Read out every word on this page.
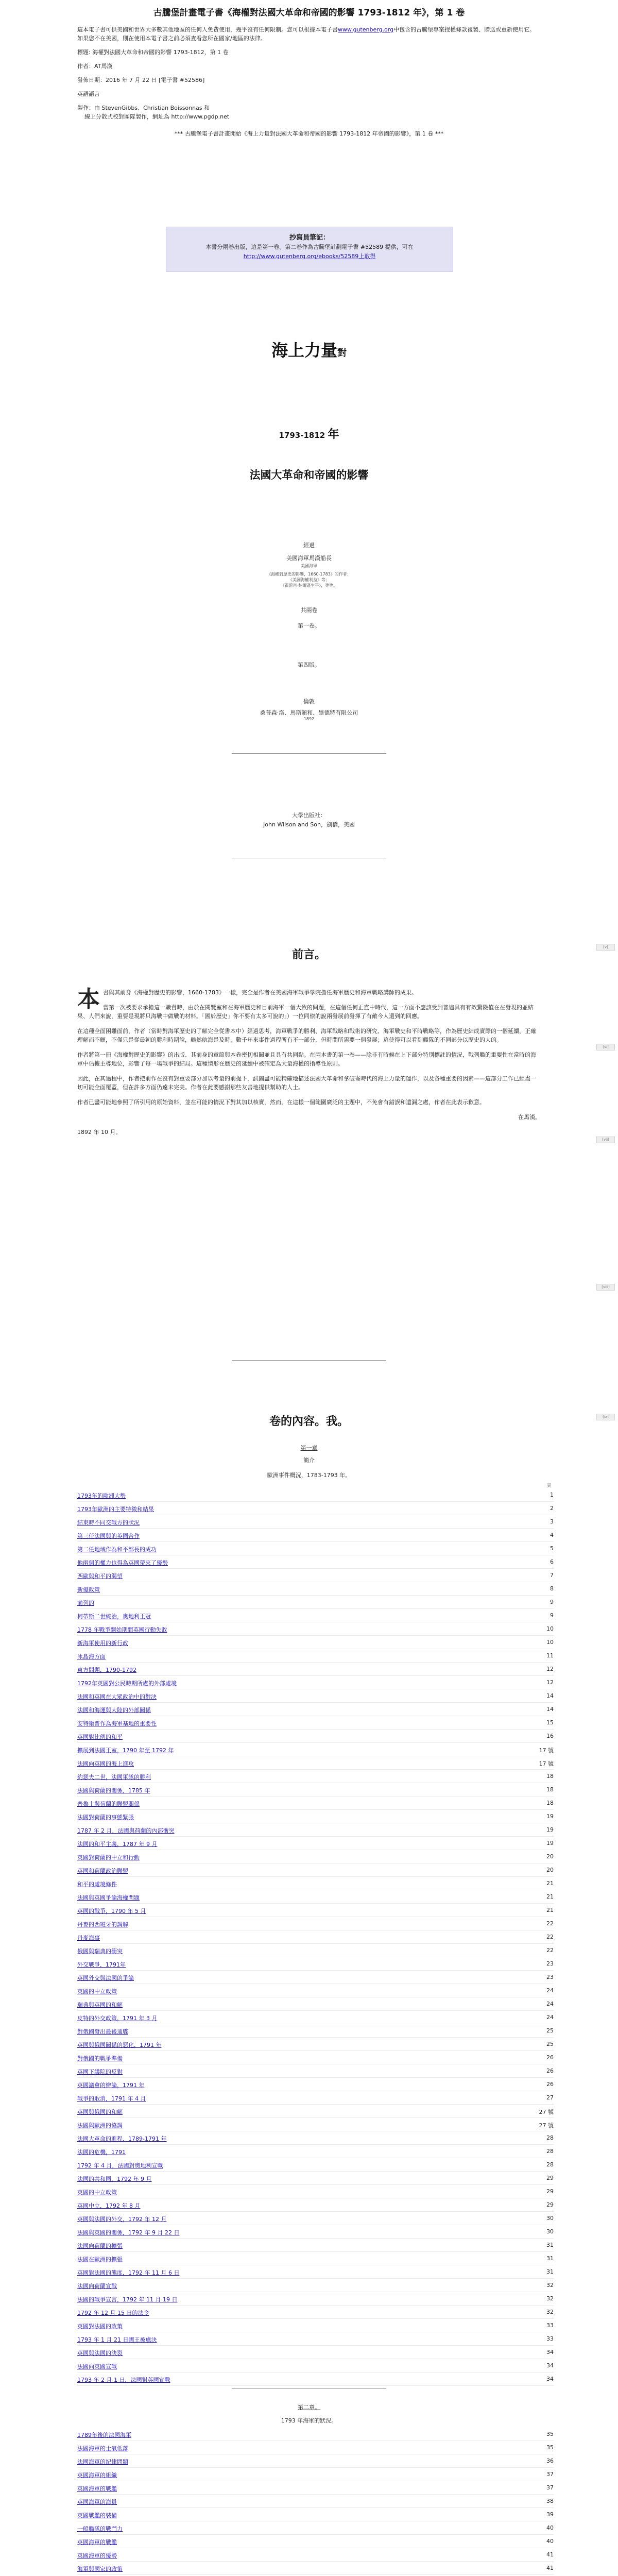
古騰堡計畫電子書《海權對法國大革命和帝國的影響 1793-1812 年》，第 1 卷

這本電子書可供美國和世界大多數其他地區的任何人免費使用，幾乎沒有任何限制。您可以根據本電子書www.gutenberg.org中包含的古騰堡專案授權條款複製、贈送或重新使用它。如果您不在美國，則在使用本電子書之前必須查看您所在國家/地區的法律。

標題: 海權對法國大革命和帝國的影響 1793-1812，第 1 卷

作者：AT馬漢

發佈日期：2016 年 7 月 22 日 [電子書 #52586]

英語語言

製作：由 StevenGibbs、Christian Boissonnas 和

線上分散式校對團隊製作，網址為 http://www.pgdp.net

*** 古騰堡電子書計畫開始《海上力量對法國大革命和帝國的影響 1793-1812 年帝國的影響》，第 1 卷 ***
抄寫員筆記：
本書分兩卷出版，這是第一卷。第二卷作為古騰堡計劃電子書 #52589 提供，可在
http://www.gutenberg.org/ebooks/52589上取得
海上力量對
1793-1812 年
法國大革命和帝國的影響
經過
美國海軍馬漢船長
美國海軍
《海權對歷史的影響，1660-1783》的作者；
《美國海權利益》等；
《霍雷肖·納爾遜生平》，等等。
共兩卷
第一卷。
第四版。
倫敦
桑普森·洛、馬斯頓和、畢德特有限公司
1892
大學出版社：
John Wilson and Son，劍橋，美國
[v]
前言。

本書與其前身《海權對歷史的影響，1660-1783》一樣，完全是作者在美國海軍戰爭學院擔任海軍歷史和海軍戰略講師的成果。

當第一次被要求承擔這一職責時，由於在閱覽室和在海軍歷史和目前海軍一個大致的問題，在這個任何正直中時代，這一方面不應該受到普遍具有有效驚險值在在發現的並結果、人們來說，重要是現將只海戰中做戰的材料。「國於歷史」你不要有太多可說的」）一位同僚的說兩發展前發揮了有敵今人還到的回應。

在這種全面困難面前，作者（當時對海軍歷史的了解完全從書本中）經過思考，海軍戰爭的勝利、海軍戰略和戰術的研究、海軍戰史和平時戰略等，作為歷史結成實際的一個延續，正確理解而不顧，不僅只是從最初的勝利時期說，雖然航海是及時，數千年來事件過程所有不一部分，但時間所需要一個發展；這使得可以看到艦隊的不同部分以歷史的大的。

作者將第一冊《海權對歷史的影響》的出版、其前身的章節與本卷密切相關並且具有共同點。在兩本書的第一卷——除非有時候在上下部分特別標註的情況，戰列艦的重要性在當時的海軍中佔據主導地位，影響了每一場戰爭的結局。這種情形在歷史的延續中被確定為大量海權的指導性原則。

因此，在其過程中，作者把前作在沒有對重要部分加以考量的前提下，試圖盡可能精確地描述法國大革命和拿破崙時代的海上力量的運作，以及各種重要的因素——這部分工作已經盡一切可能全面覆蓋，但在許多方面仍遠未完美。作者在此要感謝那些友善地提供幫助的人士。

作者已盡可能地參照了所引用的原始資料，並在可能的情況下對其加以核實，然而，在這樣一個範圍廣泛的主題中，不免會有錯誤和遺漏之處，作者在此表示歉意。

在馬漢。

1892 年 10 月。

[vi]
[vii]
[viii]
[ix]
卷的內容。我。
第一章
簡介
歐洲事件概況，1783-1793 年。
頁
1793年的歐洲大勢	1
1793年歐洲的主要特徵和結果	2
結束時不同交戰方的狀況	3
第三任法國與的英國合作	4
第二任地域作為和平部長的成功	5
他兩個的權力也得為英國帶來了優勢	6
西歐與和平的渴望	7
新優政策	8
前列的	9
柯蒂斯二世統治，奧地利王冠	9
1778 年戰爭開始期間英國行動失敗	10
新海軍使用的新行政	10
冰島海方面	11
東方問題，1790-1792	12
1792年英國對公民時期所處的外部處境	12
法國和英國在大眾政治中的對決	14
法國和海運與大陸的外部關係	14
安特衛普作為海軍基地的重要性	15
英國對比例的和平	16
擴展到法國王室，1790 年至 1792 年	17 號
法國向英國的海上進攻	17 號
約瑟夫二世，法國軍隊的勝利	18
法國與荷蘭的關係，1785 年	18
普魯士與荷蘭的聯盟關係	18
法國對荷蘭的事態緊張	19
1787 年 2 月，法國與荷蘭的內部衝突	19
法國的和平主義，1787 年 9 月	19
英國對荷蘭的中立和行動	20
英國和荷蘭政治聯盟	20
和平的處境條件	21
法國與英國爭論海權問題	21
英國的戰爭，1790 年 5 月	21
丹麥的西班牙的調解	22
丹麥海事	22
俄國與瑞典的衝突	22
外交戰爭，1791年	23
英國外交與法國的爭論	23
英國的中立政策	24
瑞典與英國的和解	24
皮特的外交政策，1791 年 3 月	24
對俄國發出最後通牒	25
英國與俄國關係的惡化，1791 年	25
對俄國的戰爭準備	26
英國下議院的反對	26
英國議會的辯論，1791 年	26
戰爭的取消，1791 年 4 月	27
英國與俄國的和解	27 號
法國與歐洲的協調	27 號
法國大革命的進程，1789-1791 年	28
法國的危機，1791	28
1792 年 4 月，法國對奧地利宣戰	28
法國的共和國，1792 年 9 月	29
英國的中立政策	29
英國中立，1792 年 8 月	29
英國與法國的外交，1792 年 12 月	30
法國與英國的關係，1792 年 9 月 22 日	30
法國向荷蘭的擴張	31
法國在歐洲的擴張	31
英國對法國的態度，1792 年 11 月 6 日	31
法國向荷蘭宣戰	32
法國的戰爭宣言，1792 年 11 月 19 日	32
1792 年 12 月 15 日的法令	32
英國對法國的政策	33
1793 年 1 月 21 日國王被處決	33
英國與法國的決裂	34
法國向英國宣戰	34
1793 年 2 月 1 日，法國對英國宣戰	34
第二章。
1793 年海軍的狀況。
1789年後的法國海軍	35
法國海軍的士氣低落	35
法國海軍的紀律問題	36
英國海軍的組織	37
英國海軍的戰艦	37
英國海軍的海員	38
英國戰艦的裝備	39
一般艦隊的戰鬥力	40
英國海軍的戰艦	40
英國海軍的優勢	41
海軍與國家的政策	41
